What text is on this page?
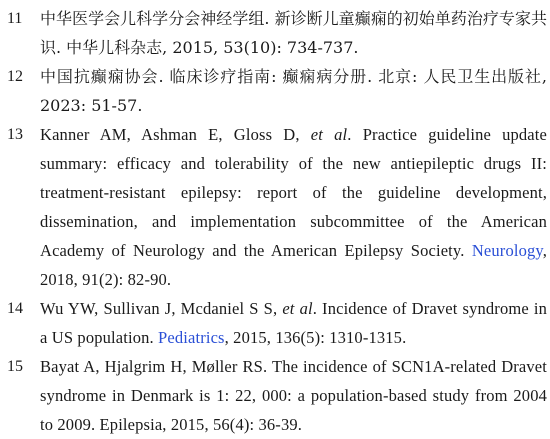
11	中华医学会儿科学分会神经学组. 新诊断儿童癫痫的初始单药治疗专家共识. 中华儿科杂志, 2015, 53(10): 734-737.
12	中国抗癫痫协会. 临床诊疗指南: 癫痫病分册. 北京: 人民卫生出版社, 2023: 51-57.
13	Kanner AM, Ashman E, Gloss D, et al. Practice guideline update summary: efficacy and tolerability of the new antiepileptic drugs II: treatment-resistant epilepsy: report of the guideline development, dissemination, and implementation subcommittee of the American Academy of Neurology and the American Epilepsy Society. Neurology, 2018, 91(2): 82-90.
14	Wu YW, Sullivan J, Mcdaniel S S, et al. Incidence of Dravet syndrome in a US population. Pediatrics, 2015, 136(5): 1310-1315.
15	Bayat A, Hjalgrim H, Møller RS. The incidence of SCN1A-related Dravet syndrome in Denmark is 1: 22, 000: a population-based study from 2004 to 2009. Epilepsia, 2015, 56(4): 36-39.
